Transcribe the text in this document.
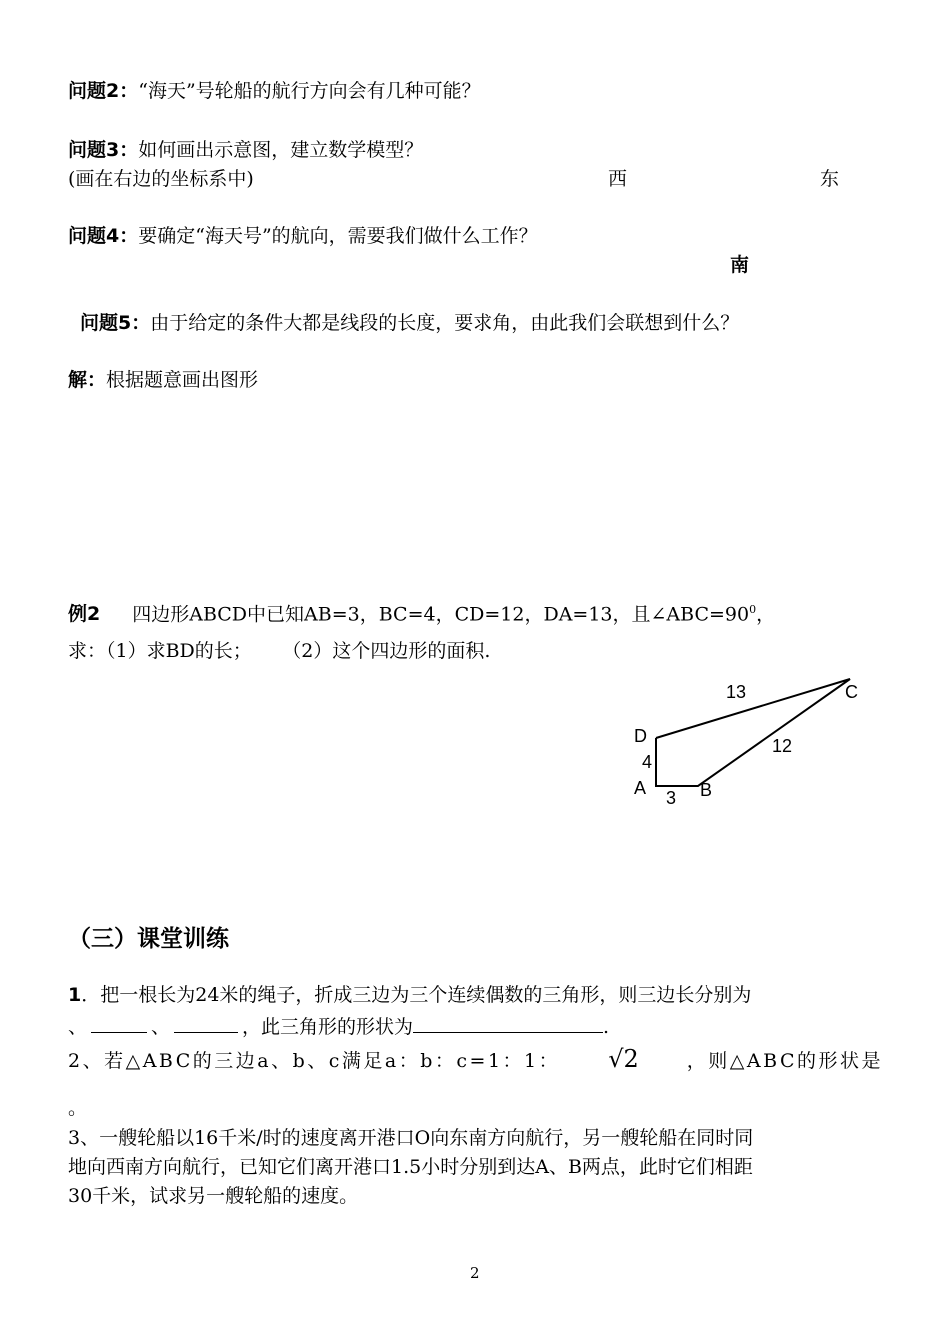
问题2：“海天”号轮船的航行方向会有几种可能？
问题3：如何画出示意图，建立数学模型？
(画在右边的坐标系中)	西	东
问题4：要确定“海天号”的航向，需要我们做什么工作？
南
问题5：由于给定的条件大都是线段的长度，要求角，由此我们会联想到什么？
解：根据题意画出图形
例2 四边形ABCD中已知AB=3，BC=4，CD=12，DA=13，且$\angle ABC=90^0$，
求：（1）求BD的长； （2）这个四边形的面积.
D
A	B
C
13
4
3
12
（三）课堂训练
1．把一根长为24米的绳子，折成三边为三个连续偶数的三角形，则三边长分别为
、	、	，此三角形的形状为	.
2、若△ABC的三边a、b、c满足a：b：c=1：1： √2	，则△ABC的形状是
。
3、一艘轮船以16千米/时的速度离开港口O向东南方向航行，另一艘轮船在同时同
地向西南方向航行，已知它们离开港口1.5小时分别到达A、B两点，此时它们相距
30千米，试求另一艘轮船的速度。
2
